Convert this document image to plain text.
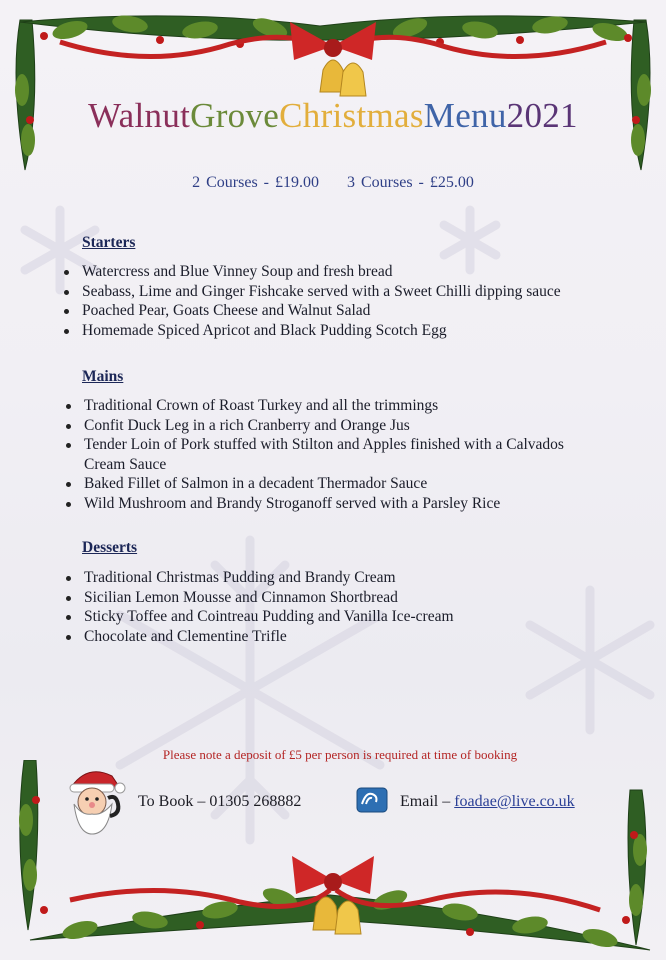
WalnutGroveChristmasMenu2021
2 Courses - £19.00 3 Courses - £25.00
Starters
Watercress and Blue Vinney Soup and fresh bread
Seabass, Lime and Ginger Fishcake served with a Sweet Chilli dipping sauce
Poached Pear, Goats Cheese and Walnut Salad
Homemade Spiced Apricot and Black Pudding Scotch Egg
Mains
Traditional Crown of Roast Turkey and all the trimmings
Confit Duck Leg in a rich Cranberry and Orange Jus
Tender Loin of Pork stuffed with Stilton and Apples finished with a Calvados Cream Sauce
Baked Fillet of Salmon in a decadent Thermador Sauce
Wild Mushroom and Brandy Stroganoff served with a Parsley Rice
Desserts
Traditional Christmas Pudding and Brandy Cream
Sicilian Lemon Mousse and Cinnamon Shortbread
Sticky Toffee and Cointreau Pudding and Vanilla Ice-cream
Chocolate and Clementine Trifle
Please note a deposit of £5 per person is required at time of booking
To Book – 01305 268882	Email – foadae@live.co.uk
